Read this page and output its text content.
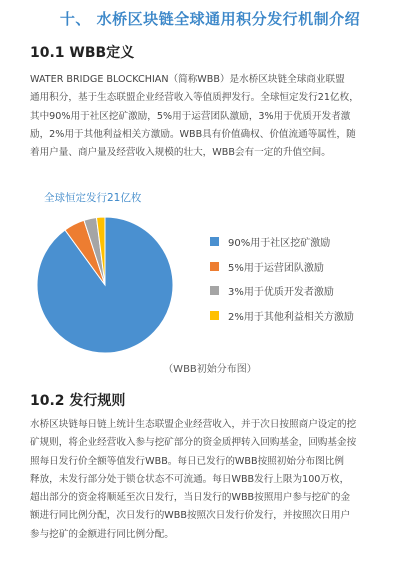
十、 水桥区块链全球通用积分发行机制介绍
10.1 WBB定义

WATER BRIDGE BLOCKCHIAN（简称WBB）是水桥区块链全球商业联盟

通用积分，基于生态联盟企业经营收入等值质押发行。全球恒定发行21亿枚，

其中90%用于社区挖矿激励，5%用于运营团队激励，3%用于优质开发者激

励，2%用于其他利益相关方激励。WBB具有价值确权、价值流通等属性，随

着用户量、商户量及经营收入规模的壮大，WBB会有一定的升值空间。

全球恒定发行21亿枚
90%用于社区挖矿激励
5%用于运营团队激励
3%用于优质开发者激励
2%用于其他利益相关方激励
（WBB初始分布图）
10.2 发行规则

水桥区块链每日链上统计生态联盟企业经营收入，并于次日按照商户设定的挖

矿规则，将企业经营收入参与挖矿部分的资金质押转入回购基金，回购基金按

照每日发行价全额等值发行WBB。每日已发行的WBB按照初始分布图比例

释放，未发行部分处于锁仓状态不可流通。每日WBB发行上限为100万枚，

超出部分的资金将顺延至次日发行，当日发行的WBB按照用户参与挖矿的金

额进行同比例分配，次日发行的WBB按照次日发行价发行，并按照次日用户

参与挖矿的金额进行同比例分配。
